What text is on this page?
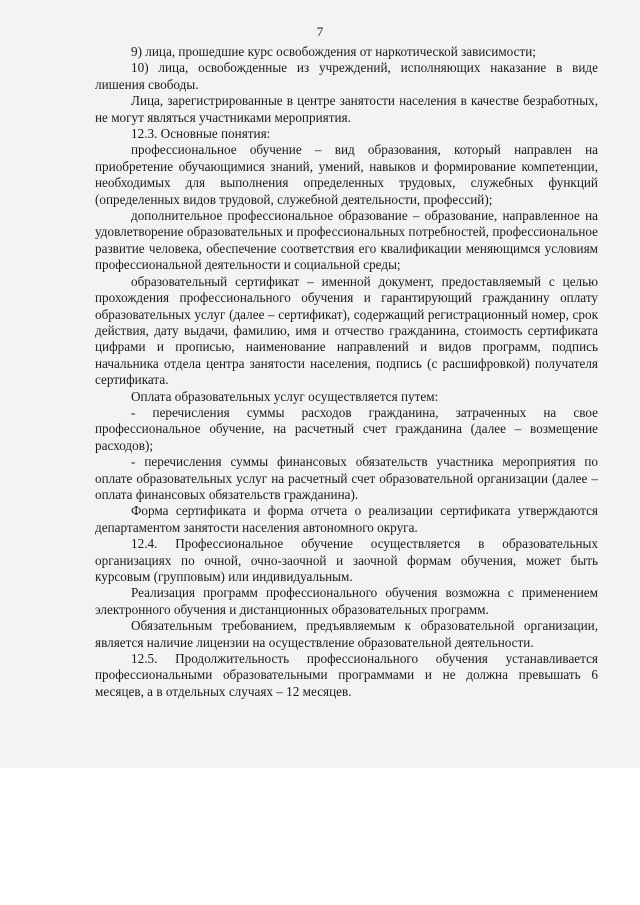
7

9) лица, прошедшие курс освобождения от наркотической зависимости;

10) лица, освобожденные из учреждений, исполняющих наказание в виде лишения свободы.

Лица, зарегистрированные в центре занятости населения в качестве безработных, не могут являться участниками мероприятия.

12.3. Основные понятия:

профессиональное обучение – вид образования, который направлен на приобретение обучающимися знаний, умений, навыков и формирование компетенции, необходимых для выполнения определенных трудовых, служебных функций (определенных видов трудовой, служебной деятельности, профессий);

дополнительное профессиональное образование – образование, направленное на удовлетворение образовательных и профессиональных потребностей, профессиональное развитие человека, обеспечение соответствия его квалификации меняющимся условиям профессиональной деятельности и социальной среды;

образовательный сертификат – именной документ, предоставляемый с целью прохождения профессионального обучения и гарантирующий гражданину оплату образовательных услуг (далее – сертификат), содержащий регистрационный номер, срок действия, дату выдачи, фамилию, имя и отчество гражданина, стоимость сертификата цифрами и прописью, наименование направлений и видов программ, подпись начальника отдела центра занятости населения, подпись (с расшифровкой) получателя сертификата.

Оплата образовательных услуг осуществляется путем:

- перечисления суммы расходов гражданина, затраченных на свое профессиональное обучение, на расчетный счет гражданина (далее – возмещение расходов);

- перечисления суммы финансовых обязательств участника мероприятия по оплате образовательных услуг на расчетный счет образовательной организации (далее – оплата финансовых обязательств гражданина).

Форма сертификата и форма отчета о реализации сертификата утверждаются департаментом занятости населения автономного округа.

12.4. Профессиональное обучение осуществляется в образовательных организациях по очной, очно-заочной и заочной формам обучения, может быть курсовым (групповым) или индивидуальным.

Реализация программ профессионального обучения возможна с применением электронного обучения и дистанционных образовательных программ.

Обязательным требованием, предъявляемым к образовательной организации, является наличие лицензии на осуществление образовательной деятельности.

12.5. Продолжительность профессионального обучения устанавливается профессиональными образовательными программами и не должна превышать 6 месяцев, а в отдельных случаях – 12 месяцев.
